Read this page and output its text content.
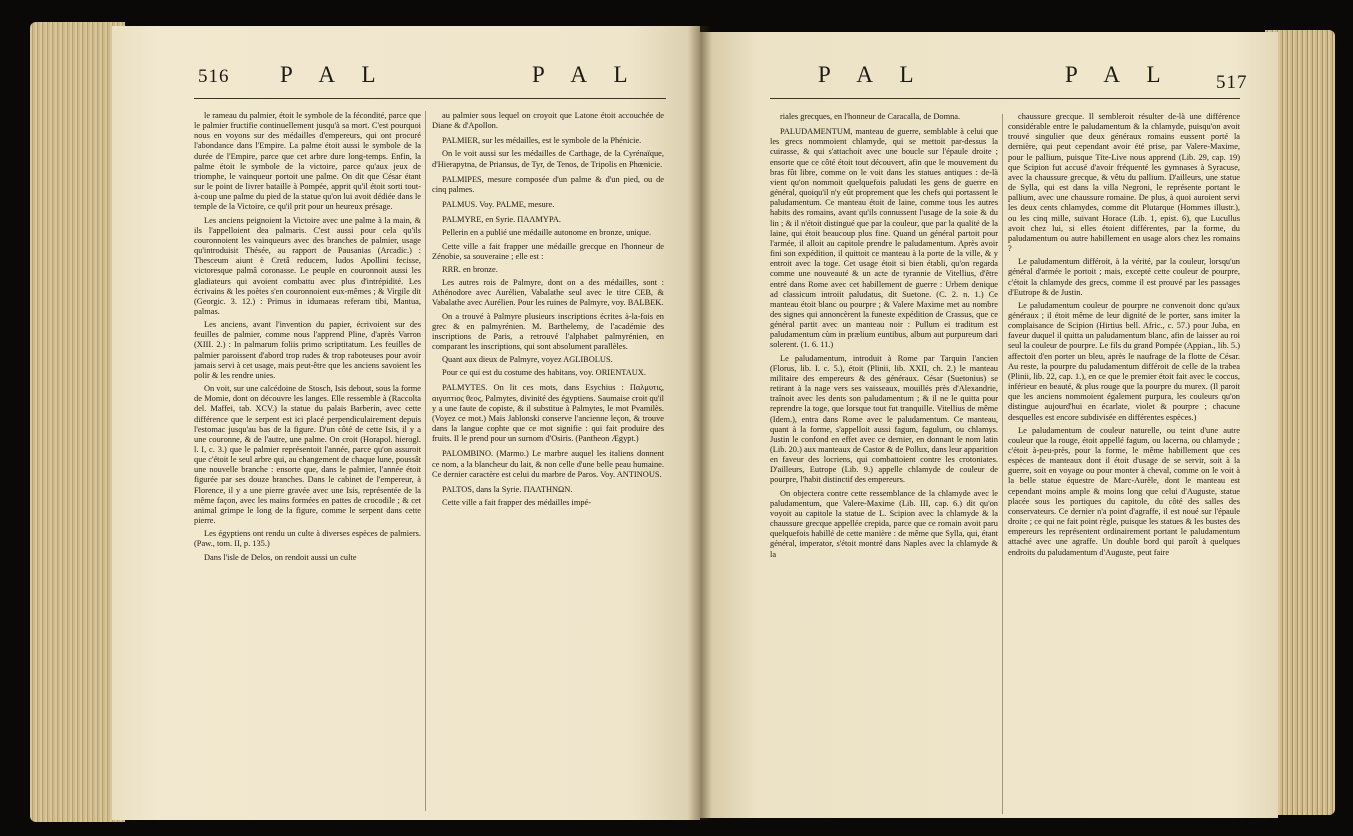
516 P A L	P A L

le rameau du palmier, étoit le symbole de la fécondité, parce que le palmier fructifie continuellement jusqu'à sa mort. C'est pourquoi nous en voyons sur des médailles d'empereurs, qui ont procuré l'abondance dans l'Empire. La palme étoit aussi le symbole de la durée de l'Empire, parce que cet arbre dure long-temps. Enfin, la palme étoit le symbole de la victoire, parce qu'aux jeux de triomphe, le vainqueur portoit une palme. On dit que César étant sur le point de livrer bataille à Pompée, apprit qu'il étoit sorti tout-à-coup une palme du pied de la statue qu'on lui avoit dédiée dans le temple de la Victoire, ce qu'il prit pour un heureux présage.

Les anciens peignoient la Victoire avec une palme à la main, & ils l'appelloient dea palmaris. C'est aussi pour cela qu'ils couronnoient les vainqueurs avec des branches de palmier, usage qu'introduisit Thésée, au rapport de Pausanias (Arcadic.) : Thesceum aiunt è Cretâ reducem, ludos Apollini fecisse, victoresque palmâ coronasse. Le peuple en couronnoit aussi les gladiateurs qui avoient combattu avec plus d'intrépidité. Les écrivains & les poètes s'en couronnoient eux-mêmes ; & Virgile dit (Georgic. 3. 12.) : Primus in idumaeas referam tibi, Mantua, palmas.

Les anciens, avant l'invention du papier, écrivoient sur des feuilles de palmier, comme nous l'apprend Pline, d'après Varron (XIII. 2.) : In palmarum foliis primo scriptitatum. Les feuilles de palmier paroissent d'abord trop rudes & trop raboteuses pour avoir jamais servi à cet usage, mais peut-être que les anciens savoient les polir & les rendre unies.

On voit, sur une calcédoine de Stosch, Isis debout, sous la forme de Momie, dont on découvre les langes. Elle ressemble à (Raccolta del. Maffei, tab. XCV.) la statue du palais Barberin, avec cette différence que le serpent est ici placé perpendiculairement depuis l'estomac jusqu'au bas de la figure. D'un côté de cette Isis, il y a une couronne, & de l'autre, une palme. On croit (Horapol. hierogl. l. I, c. 3.) que le palmier représentoit l'année, parce qu'on assuroit que c'étoit le seul arbre qui, au changement de chaque lune, poussât une nouvelle branche : ensorte que, dans le palmier, l'année étoit figurée par ses douze branches. Dans le cabinet de l'empereur, à Florence, il y a une pierre gravée avec une Isis, représentée de la même façon, avec les mains formées en pattes de crocodile ; & cet animal grimpe le long de la figure, comme le serpent dans cette pierre.

Les égyptiens ont rendu un culte à diverses espèces de palmiers. (Paw., tom. II, p. 135.)

Dans l'isle de Delos, on rendoit aussi un culte

au palmier sous lequel on croyoit que Latone étoit accouchée de Diane & d'Apollon.

PALMIER, sur les médailles, est le symbole de la Phénicie.

On le voit aussi sur les médailles de Carthage, de la Cyrénaïque, d'Hierapytna, de Priansus, de Tyr, de Tenos, de Tripolis en Phœnicie.

PALMIPES, mesure composée d'un palme & d'un pied, ou de cinq palmes.

PALMUS. Voy. PALME, mesure.

PALMYRE, en Syrie. ΠΑΛΜΥΡΑ.

Pellerin en a publié une médaille autonome en bronze, unique.

Cette ville a fait frapper une médaille grecque en l'honneur de Zénobie, sa souveraine ; elle est :

RRR. en bronze.

Les autres rois de Palmyre, dont on a des médailles, sont : Athénodore avec Aurélien, Vabalathe seul avec le titre CEB, & Vabalathe avec Aurélien. Pour les ruines de Palmyre, voy. BALBEK.

On a trouvé à Palmyre plusieurs inscriptions écrites à-la-fois en grec & en palmyrénien. M. Barthelemy, de l'académie des inscriptions de Paris, a retrouvé l'alphabet palmyrénien, en comparant les inscriptions, qui sont absolument parallèles.

Quant aux dieux de Palmyre, voyez AGLIBOLUS.

Pour ce qui est du costume des habitans, voy. ORIENTAUX.

PALMYTES. On lit ces mots, dans Esychius : Παλμυτις, αιγυπτιος θεος, Palmytes, divinité des égyptiens. Saumaise croit qu'il y a une faute de copiste, & il substitue à Palmytes, le mot Pvamilès. (Voyez ce mot.) Mais Jablonski conserve l'ancienne leçon, & trouve dans la langue cophte que ce mot signifie : qui fait produire des fruits. Il le prend pour un surnom d'Osiris. (Pantheon Ægypt.)

PALOMBINO. (Marmo.) Le marbre auquel les italiens donnent ce nom, a la blancheur du lait, & non celle d'une belle peau humaine. Ce dernier caractère est celui du marbre de Paros. Voy. ANTINOUS.

PALTOS, dans la Syrie. ΠΑΛΤΗΝΩΝ.

Cette ville a fait frapper des médailles impé-

517
P A L	P A L

riales grecques, en l'honneur de Caracalla, de Domna.

PALUDAMENTUM, manteau de guerre, semblable à celui que les grecs nommoient chlamyde, qui se mettoit par-dessus la cuirasse, & qui s'attachoit avec une boucle sur l'épaule droite ; ensorte que ce côté étoit tout découvert, afin que le mouvement du bras fût libre, comme on le voit dans les statues antiques : de-là vient qu'on nommoit quelquefois paludati les gens de guerre en général, quoiqu'il n'y eût proprement que les chefs qui portassent le paludamentum. Ce manteau étoit de laine, comme tous les autres habits des romains, avant qu'ils connussent l'usage de la soie & du lin ; & il n'étoit distingué que par la couleur, que par la qualité de la laine, qui étoit beaucoup plus fine. Quand un général partoit pour l'armée, il alloit au capitole prendre le paludamentum. Après avoir fini son expédition, il quittoit ce manteau à la porte de la ville, & y entroit avec la toge. Cet usage étoit si bien établi, qu'on regarda comme une nouveauté & un acte de tyrannie de Vitellius, d'être entré dans Rome avec cet habillement de guerre : Urbem denique ad classicum introiit paludatus, dit Suetone. (C. 2. n. 1.) Ce manteau étoit blanc ou pourpre ; & Valere Maxime met au nombre des signes qui annoncèrent la funeste expédition de Crassus, que ce général partit avec un manteau noir : Pullum ei traditum est paludamentum cùm in prælium euntibus, album aut purpureum dari solerent. (1. 6. 11.)

Le paludamentum, introduit à Rome par Tarquin l'ancien (Florus, lib. I. c. 5.), étoit (Plinii, lib. XXII, ch. 2.) le manteau militaire des empereurs & des généraux. César (Suetonius) se retirant à la nage vers ses vaisseaux, mouillés près d'Alexandrie, traînoit avec les dents son paludamentum ; & il ne le quitta pour reprendre la toge, que lorsque tout fut tranquille. Vitellius de même (Idem.), entra dans Rome avec le paludamentum. Ce manteau, quant à la forme, s'appelloit aussi fagum, fagulum, ou chlamys. Justin le confond en effet avec ce dernier, en donnant le nom latin (Lib. 20.) aux manteaux de Castor & de Pollux, dans leur apparition en faveur des locriens, qui combattoient contre les crotoniates. D'ailleurs, Eutrope (Lib. 9.) appelle chlamyde de couleur de pourpre, l'habit distinctif des empereurs.

On objectera contre cette ressemblance de la chlamyde avec le paludamentum, que Valere-Maxime (Lib. III, cap. 6.) dit qu'on voyoit au capitole la statue de L. Scipion avec la chlamyde & la chaussure grecque appellée crepida, parce que ce romain avoit paru quelquefois habillé de cette manière : de même que Sylla, qui, étant général, imperator, s'étoit montré dans Naples avec la chlamyde & la

chaussure grecque. Il sembleroit résulter de-là une différence considérable entre le paludamentum & la chlamyde, puisqu'on avoit trouvé singulier que deux généraux romains eussent porté la dernière, qui peut cependant avoir été prise, par Valere-Maxime, pour le pallium, puisque Tite-Live nous apprend (Lib. 29, cap. 19) que Scipion fut accusé d'avoir fréquenté les gymnases à Syracuse, avec la chaussure grecque, & vêtu du pallium. D'ailleurs, une statue de Sylla, qui est dans la villa Negroni, le représente portant le pallium, avec une chaussure romaine. De plus, à quoi auroient servi les deux cents chlamydes, comme dit Plutarque (Hommes illustr.), ou les cinq mille, suivant Horace (Lib. 1, epist. 6), que Lucullus avoit chez lui, si elles étoient différentes, par la forme, du paludamentum ou autre habillement en usage alors chez les romains ?

Le paludamentum différoit, à la vérité, par la couleur, lorsqu'un général d'armée le portoit ; mais, excepté cette couleur de pourpre, c'étoit la chlamyde des grecs, comme il est prouvé par les passages d'Eutrope & de Justin.

Le paludamentum couleur de pourpre ne convenoit donc qu'aux généraux ; il étoit même de leur dignité de le porter, sans imiter la complaisance de Scipion (Hirtius bell. Afric., c. 57.) pour Juba, en faveur duquel il quitta un paludamentum blanc, afin de laisser au roi seul la couleur de pourpre. Le fils du grand Pompée (Appian., lib. 5.) affectoit d'en porter un bleu, après le naufrage de la flotte de César. Au reste, la pourpre du paludamentum différoit de celle de la trabea (Plinii, lib. 22, cap. 1.), en ce que le premier étoit fait avec le coccus, inférieur en beauté, & plus rouge que la pourpre du murex. (Il paroit que les anciens nommoient également purpura, les couleurs qu'on distingue aujourd'hui en écarlate, violet & pourpre ; chacune desquelles est encore subdivisée en différentes espèces.)

Le paludamentum de couleur naturelle, ou teint d'une autre couleur que la rouge, étoit appellé fagum, ou lacerna, ou chlamyde ; c'étoit à-peu-près, pour la forme, le même habillement que ces espèces de manteaux dont il étoit d'usage de se servir, soit à la guerre, soit en voyage ou pour monter à cheval, comme on le voit à la belle statue équestre de Marc-Aurèle, dont le manteau est cependant moins ample & moins long que celui d'Auguste, statue placée sous les portiques du capitole, du côté des salles des conservateurs. Ce dernier n'a point d'agraffe, il est noué sur l'épaule droite ; ce qui ne fait point règle, puisque les statues & les bustes des empereurs les représentent ordinairement portant le paludamentum attaché avec une agraffe. Un double bord qui paroît à quelques endroits du paludamentum d'Auguste, peut faire
